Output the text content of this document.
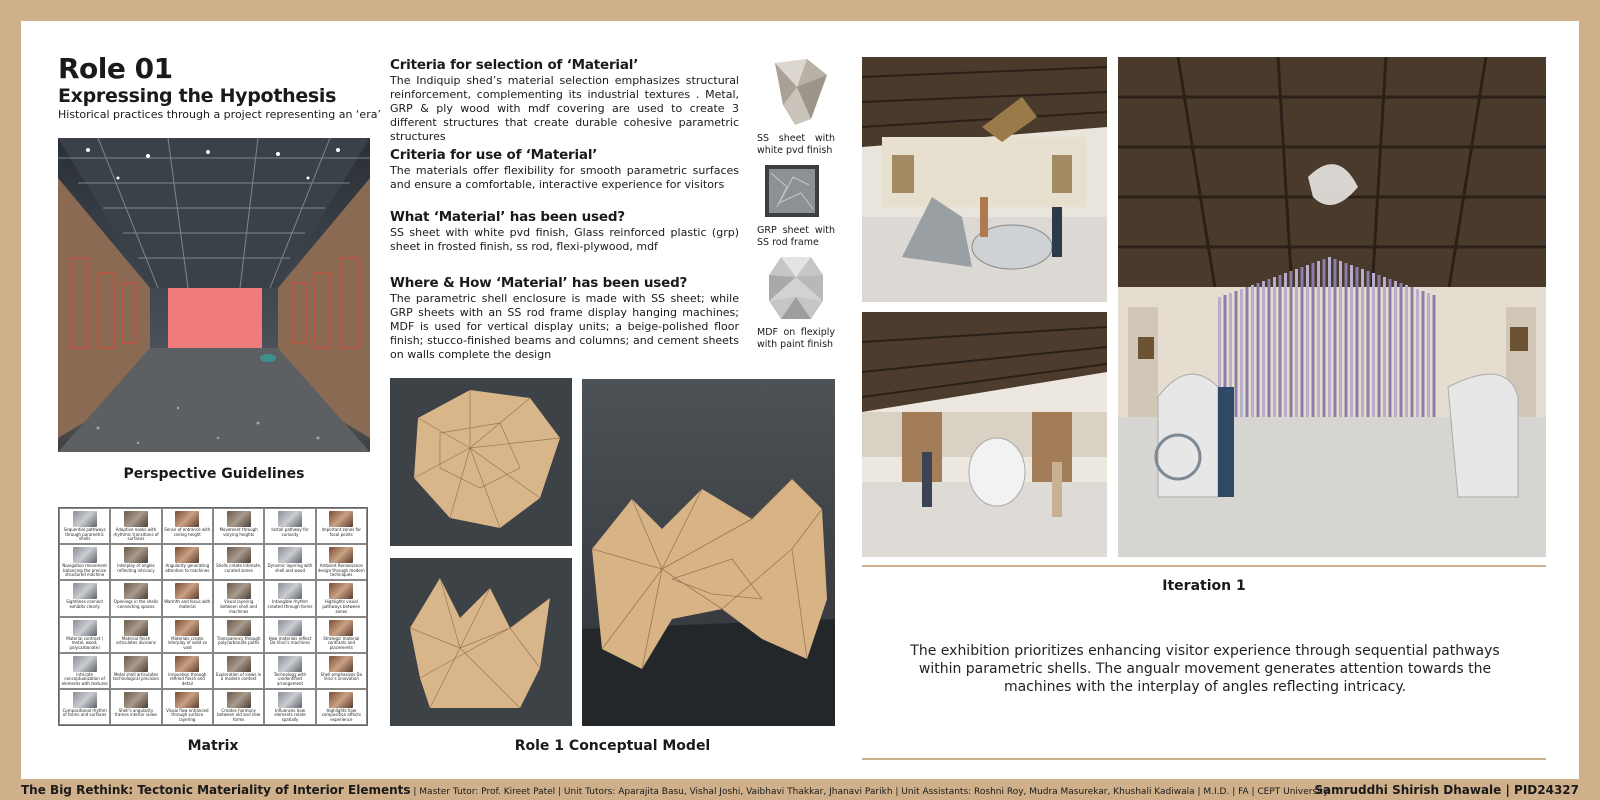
Role 01
Expressing the Hypothesis
Historical practices through a project representing an ‘era’
Perspective Guidelines
Sequential pathways through parametric shells
Adaptive nooks with rhythmic transitions of surfaces
Sense of entrance with ceiling height
Movement through varying heights
Install pathway for curiosity
Important zones for focal points
Navigation movement balancing the precise structured machine
Interplay of angles reflecting intricacy
Angularity generating attention to machines
Shells create intimate, curated zones
Dynamic layering with shell and wood
Ambient Renaissance design through modern techniques
Sightlines connect exhibits clearly
Openings in the shells connecting spaces
Warmth and focus with material
Visual layering between shell and machines
Intangible rhythm created through forms
Highlights visual pathways between zones
Material contrast ( metal, wood, polycarbonate)
Material finish articulates divisions
Materials create interplay of solid vs void
Transparency through polycarbonate paths
How materials reflect Da Vinci's machines
Strategic material contrasts and placements
Intricate conceptualization of elements with textures
Metal shell articulates technological precision
Innovation through refined finish and detail
Exploration of views in a modern context
Technology with unidentified arrangement
Shell emphasizes Da Vinci's innovation
Compositional rhythm of forms and surfaces
Shell's angularity frames interior views
Visual flow enhanced through surface layering
Creates harmony between old and new forms
Influences how elements relate spatially
Highlights how composition affects experience
Matrix
Criteria for selection of ‘Material’

The Indiquip shed’s material selection emphasizes structural reinforcement, complementing its industrial textures . Metal, GRP & ply wood with mdf covering are used to create 3 different structures that create durable cohesive parametric structures

Criteria for use of ‘Material’

The materials offer flexibility for smooth parametric surfaces and ensure a comfortable, interactive experience for visitors

What ‘Material’ has been used?

SS sheet with white pvd finish, Glass reinforced plastic (grp) sheet in frosted finish, ss rod, flexi-plywood, mdf

Where & How ‘Material’ has been used?

The parametric shell enclosure is made with SS sheet; while GRP sheets with an SS rod frame display hanging machines; MDF is used for vertical display units; a beige-polished floor finish; stucco-finished beams and columns; and cement sheets on walls complete the design

SS sheet with white pvd finish
GRP sheet with SS rod frame
MDF on flexiply with paint finish
Role 1 Conceptual Model
Iteration 1
The exhibition prioritizes enhancing visitor experience through sequential pathways within parametric shells. The angualr movement generates attention towards the machines with the interplay of angles reflecting intricacy.
The Big Rethink: Tectonic Materiality of Interior Elements | Master Tutor: Prof. Kireet Patel | Unit Tutors: Aparajita Basu, Vishal Joshi, Vaibhavi Thakkar, Jhanavi Parikh | Unit Assistants: Roshni Roy, Mudra Masurekar, Khushali Kadiwala | M.I.D. | FA | CEPT University
Samruddhi Shirish Dhawale | PID24327
